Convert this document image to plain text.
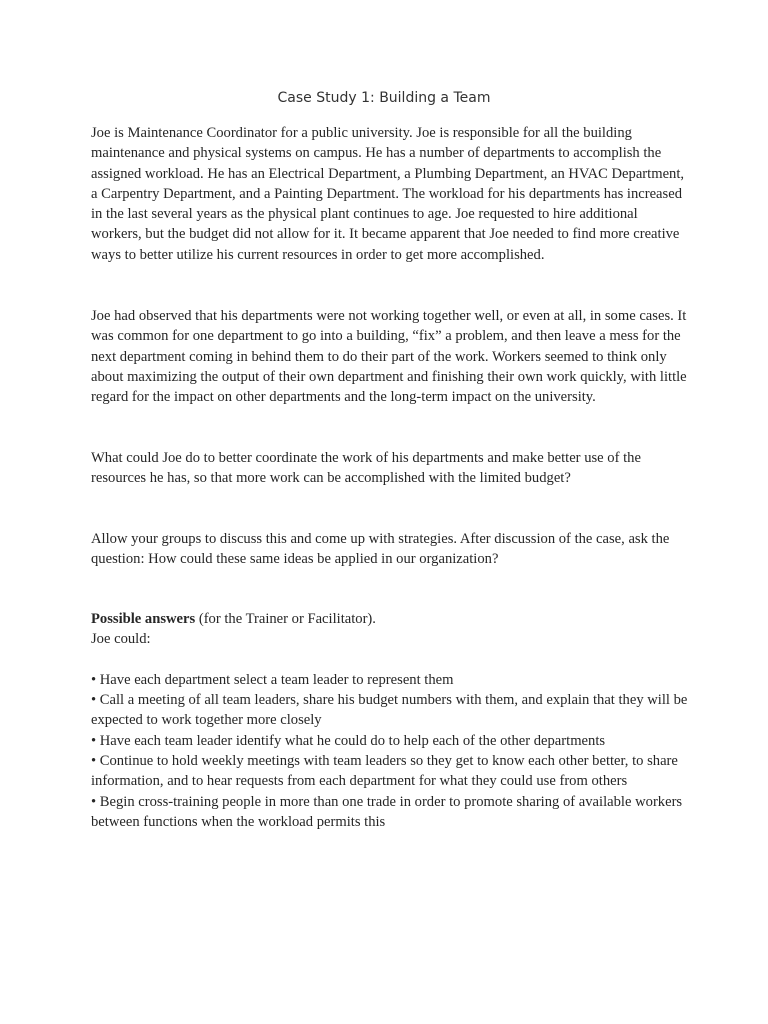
Case Study 1: Building a Team

Joe is Maintenance Coordinator for a public university. Joe is responsible for all the building maintenance and physical systems on campus. He has a number of departments to accomplish the assigned workload. He has an Electrical Department, a Plumbing Department, an HVAC Department, a Carpentry Department, and a Painting Department. The workload for his departments has increased in the last several years as the physical plant continues to age. Joe requested to hire additional workers, but the budget did not allow for it. It became apparent that Joe needed to find more creative ways to better utilize his current resources in order to get more accomplished.

Joe had observed that his departments were not working together well, or even at all, in some cases. It was common for one department to go into a building, “fix” a problem, and then leave a mess for the next department coming in behind them to do their part of the work. Workers seemed to think only about maximizing the output of their own department and finishing their own work quickly, with little regard for the impact on other departments and the long-term impact on the university.

What could Joe do to better coordinate the work of his departments and make better use of the resources he has, so that more work can be accomplished with the limited budget?

Allow your groups to discuss this and come up with strategies. After discussion of the case, ask the question: How could these same ideas be applied in our organization?

Possible answers (for the Trainer or Facilitator).

Joe could:

• Have each department select a team leader to represent them

• Call a meeting of all team leaders, share his budget numbers with them, and explain that they will be expected to work together more closely

• Have each team leader identify what he could do to help each of the other departments

• Continue to hold weekly meetings with team leaders so they get to know each other better, to share information, and to hear requests from each department for what they could use from others

• Begin cross-training people in more than one trade in order to promote sharing of available workers between functions when the workload permits this
